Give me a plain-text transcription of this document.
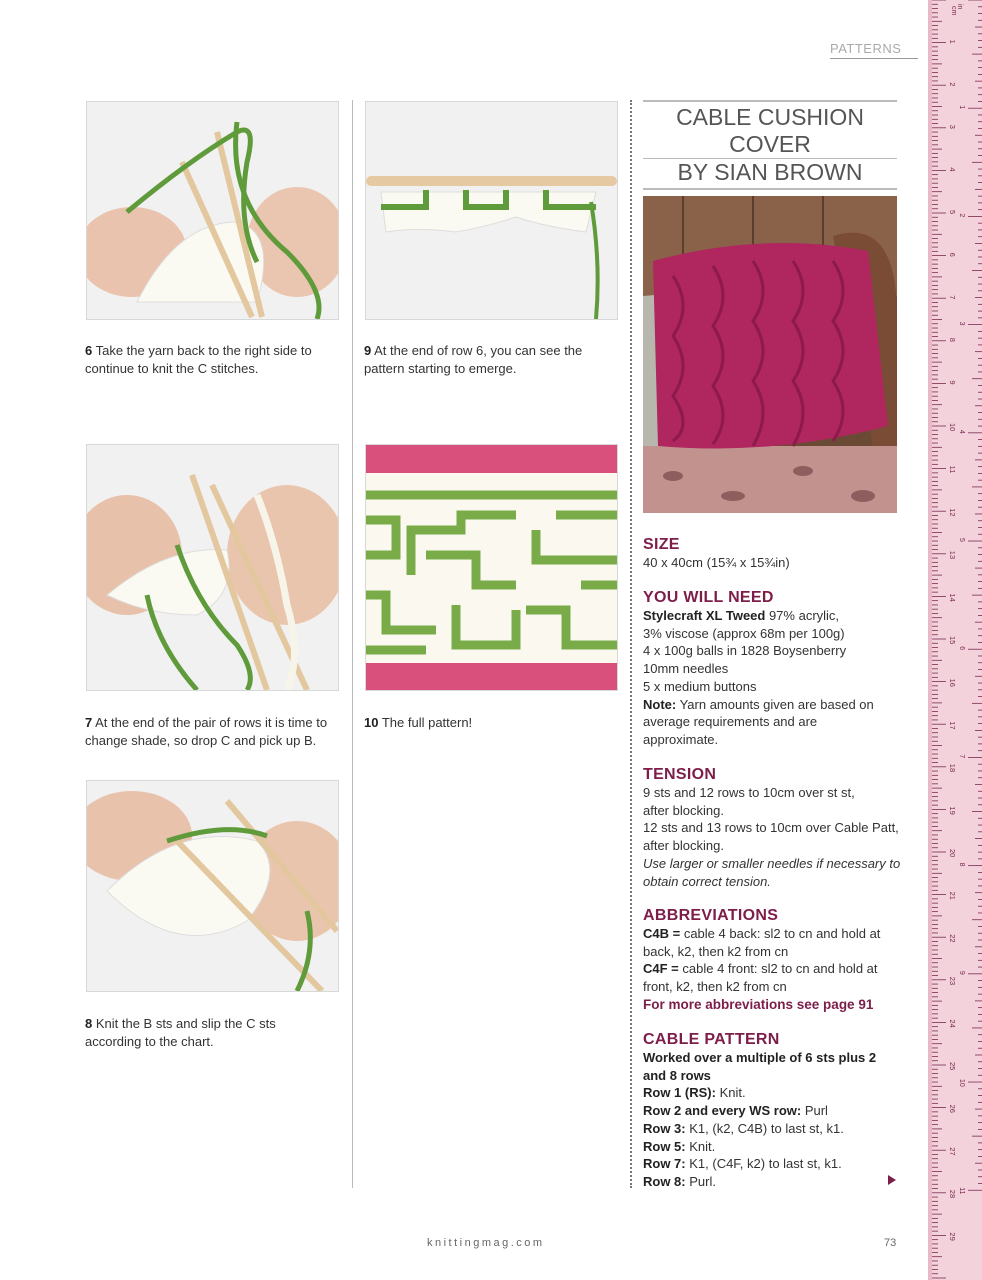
PATTERNS
6 Take the yarn back to the right side to continue to knit the C stitches.
7 At the end of the pair of rows it is time to change shade, so drop C and pick up B.
8 Knit the B sts and slip the C sts according to the chart.
9 At the end of row 6, you can see the pattern starting to emerge.
10 The full pattern!
CABLE CUSHION
COVER
BY SIAN BROWN
SIZE
40 x 40cm (15¾ x 15¾in)
YOU WILL NEED

Stylecraft XL Tweed 97% acrylic,

3% viscose (approx 68m per 100g)

4 x 100g balls in 1828 Boysenberry

10mm needles

5 x medium buttons

Note: Yarn amounts given are based on average requirements and are approximate.

TENSION

9 sts and 12 rows to 10cm over st st,

after blocking.

12 sts and 13 rows to 10cm over Cable Patt,

after blocking.

Use larger or smaller needles if necessary to obtain correct tension.

ABBREVIATIONS

C4B = cable 4 back: sl2 to cn and hold at back, k2, then k2 from cn

C4F = cable 4 front: sl2 to cn and hold at front, k2, then k2 from cn

For more abbreviations see page 91

CABLE PATTERN

Worked over a multiple of 6 sts plus 2 and 8 rows

Row 1 (RS): Knit.

Row 2 and every WS row: Purl

Row 3: K1, (k2, C4B) to last st, k1.

Row 5: Knit.

Row 7: K1, (C4F, k2) to last st, k1.

Row 8: Purl.

knittingmag.com	73
cm
1
2
3
4
5
6
7
8
9
10
11
12
13
14
15
16
17
18
19
20
21
22
23
24
25
26
27
28
29
in
1
2
3
4
5
6
7
8
9
10
11
